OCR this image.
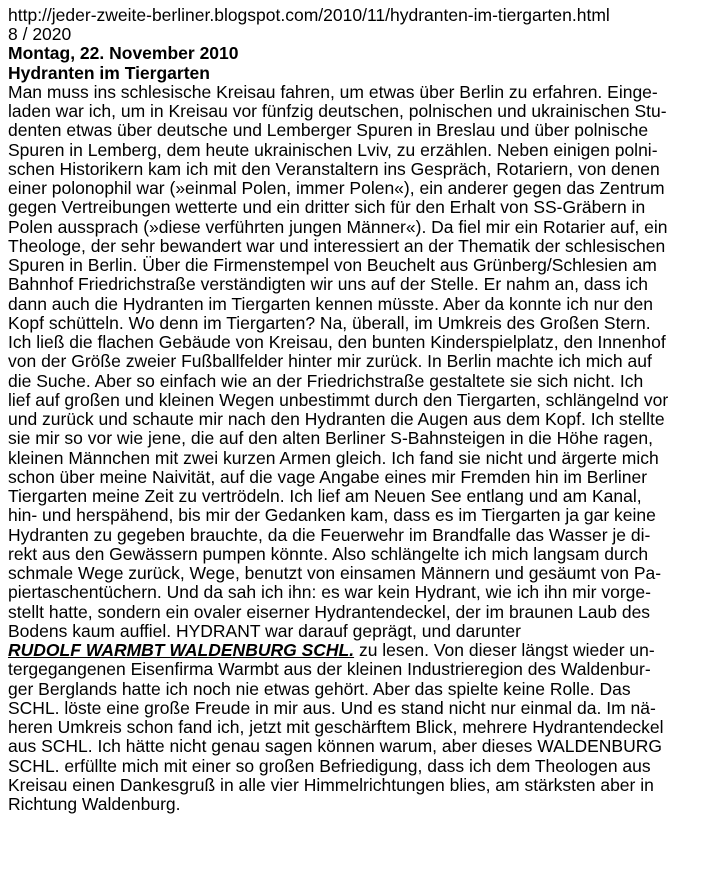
http://jeder-zweite-berliner.blogspot.com/2010/11/hydranten-im-tiergarten.html
8 / 2020
Montag, 22. November 2010
Hydranten im Tiergarten
Man muss ins schlesische Kreisau fahren, um etwas über Berlin zu erfahren. Einge-
laden war ich, um in Kreisau vor fünfzig deutschen, polnischen und ukrainischen Stu-
denten etwas über deutsche und Lemberger Spuren in Breslau und über polnische
Spuren in Lemberg, dem heute ukrainischen Lviv, zu erzählen. Neben einigen polni-
schen Historikern kam ich mit den Veranstaltern ins Gespräch, Rotariern, von denen
einer polonophil war (»einmal Polen, immer Polen«), ein anderer gegen das Zentrum
gegen Vertreibungen wetterte und ein dritter sich für den Erhalt von SS-Gräbern in
Polen aussprach (»diese verführten jungen Männer«). Da fiel mir ein Rotarier auf, ein
Theologe, der sehr bewandert war und interessiert an der Thematik der schlesischen
Spuren in Berlin. Über die Firmenstempel von Beuchelt aus Grünberg/Schlesien am
Bahnhof Friedrichstraße verständigten wir uns auf der Stelle. Er nahm an, dass ich
dann auch die Hydranten im Tiergarten kennen müsste. Aber da konnte ich nur den
Kopf schütteln. Wo denn im Tiergarten? Na, überall, im Umkreis des Großen Stern.
Ich ließ die flachen Gebäude von Kreisau, den bunten Kinderspielplatz, den Innenhof
von der Größe zweier Fußballfelder hinter mir zurück. In Berlin machte ich mich auf
die Suche. Aber so einfach wie an der Friedrichstraße gestaltete sie sich nicht. Ich
lief auf großen und kleinen Wegen unbestimmt durch den Tiergarten, schlängelnd vor
und zurück und schaute mir nach den Hydranten die Augen aus dem Kopf. Ich stellte
sie mir so vor wie jene, die auf den alten Berliner S-Bahnsteigen in die Höhe ragen,
kleinen Männchen mit zwei kurzen Armen gleich. Ich fand sie nicht und ärgerte mich
schon über meine Naivität, auf die vage Angabe eines mir Fremden hin im Berliner
Tiergarten meine Zeit zu vertrödeln. Ich lief am Neuen See entlang und am Kanal,
hin- und herspähend, bis mir der Gedanken kam, dass es im Tiergarten ja gar keine
Hydranten zu gegeben brauchte, da die Feuerwehr im Brandfalle das Wasser je di-
rekt aus den Gewässern pumpen könnte. Also schlängelte ich mich langsam durch
schmale Wege zurück, Wege, benutzt von einsamen Männern und gesäumt von Pa-
piertaschentüchern. Und da sah ich ihn: es war kein Hydrant, wie ich ihn mir vorge-
stellt hatte, sondern ein ovaler eiserner Hydrantendeckel, der im braunen Laub des
Bodens kaum auffiel. HYDRANT war darauf geprägt, und darunter
RUDOLF WARMBT WALDENBURG SCHL. zu lesen. Von dieser längst wieder un-
tergegangenen Eisenfirma Warmbt aus der kleinen Industrieregion des Waldenbur-
ger Berglands hatte ich noch nie etwas gehört. Aber das spielte keine Rolle. Das
SCHL. löste eine große Freude in mir aus. Und es stand nicht nur einmal da. Im nä-
heren Umkreis schon fand ich, jetzt mit geschärftem Blick, mehrere Hydrantendeckel
aus SCHL. Ich hätte nicht genau sagen können warum, aber dieses WALDENBURG
SCHL. erfüllte mich mit einer so großen Befriedigung, dass ich dem Theologen aus
Kreisau einen Dankesgruß in alle vier Himmelrichtungen blies, am stärksten aber in
Richtung Waldenburg.
